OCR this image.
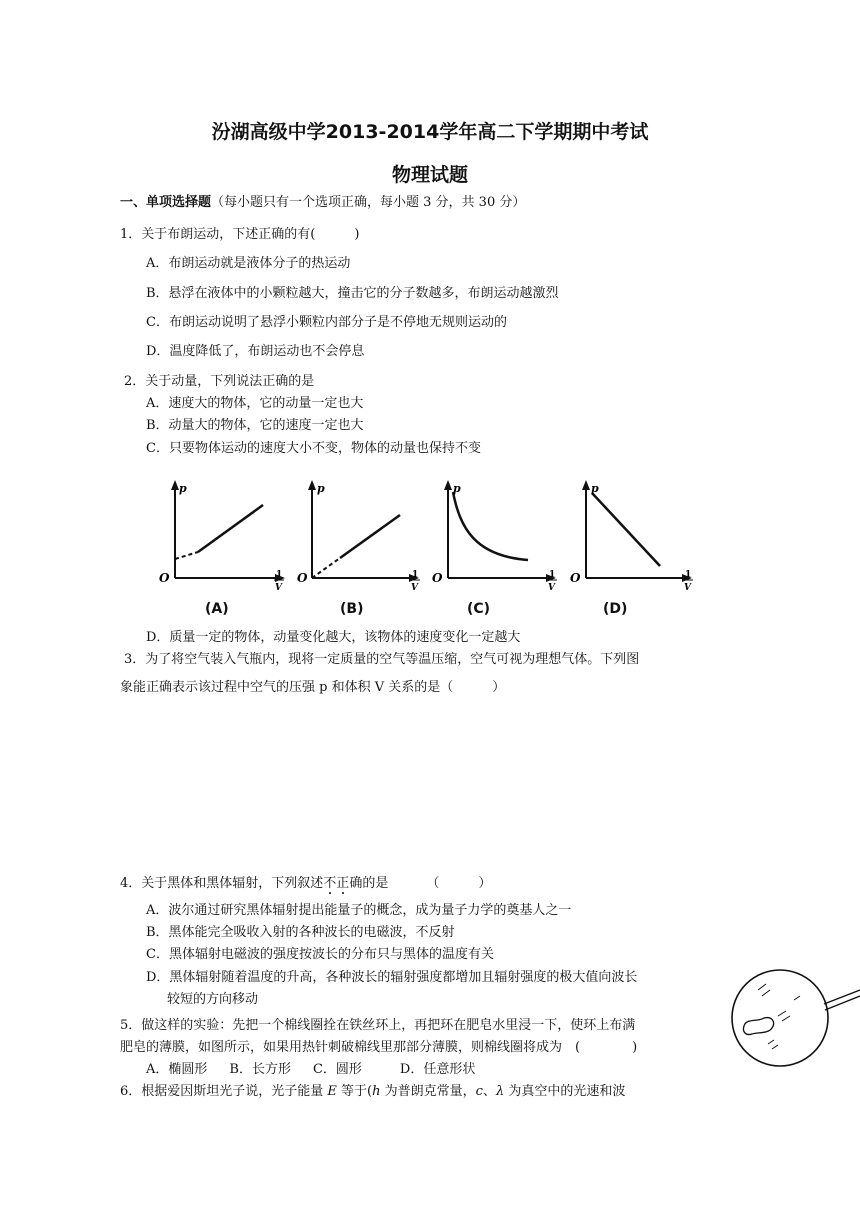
汾湖高级中学2013-2014学年高二下学期期中考试
物理试题
一、单项选择题（每小题只有一个选项正确，每小题 3 分，共 30 分）
1．关于布朗运动，下述正确的有(　　　)
A．布朗运动就是液体分子的热运动
B．悬浮在液体中的小颗粒越大，撞击它的分子数越多，布朗运动越激烈
C．布朗运动说明了悬浮小颗粒内部分子是不停地无规则运动的
D．温度降低了，布朗运动也不会停息
2．关于动量，下列说法正确的是
A．速度大的物体，它的动量一定也大
B．动量大的物体，它的速度一定也大
C．只要物体运动的速度大小不变，物体的动量也保持不变
p
O	1
V
(A)
p
O	1
V
(B)
p
O	1
V
(C)
p
O	1
V
(D)
D．质量一定的物体，动量变化越大，该物体的速度变化一定越大
3．为了将空气装入气瓶内，现将一定质量的空气等温压缩，空气可视为理想气体。下列图
象能正确表示该过程中空气的压强 p 和体积 V 关系的是（　　　）
4．关于黑体和黑体辐射，下列叙述不正确的是	（　　　）
A．波尔通过研究黑体辐射提出能量子的概念，成为量子力学的奠基人之一
B．黑体能完全吸收入射的各种波长的电磁波，不反射
C．黑体辐射电磁波的强度按波长的分布只与黑体的温度有关
D．黑体辐射随着温度的升高，各种波长的辐射强度都增加且辐射强度的极大值向波长
较短的方向移动
5．做这样的实验：先把一个棉线圈拴在铁丝环上，再把环在肥皂水里浸一下，使环上布满
肥皂的薄膜，如图所示，如果用热针刺破棉线里那部分薄膜，则棉线圈将成为　(　　　　)
A．椭圆形 B．长方形 C．圆形	D．任意形状
6．根据爱因斯坦光子说，光子能量 E 等于(h 为普朗克常量，c、λ 为真空中的光速和波
